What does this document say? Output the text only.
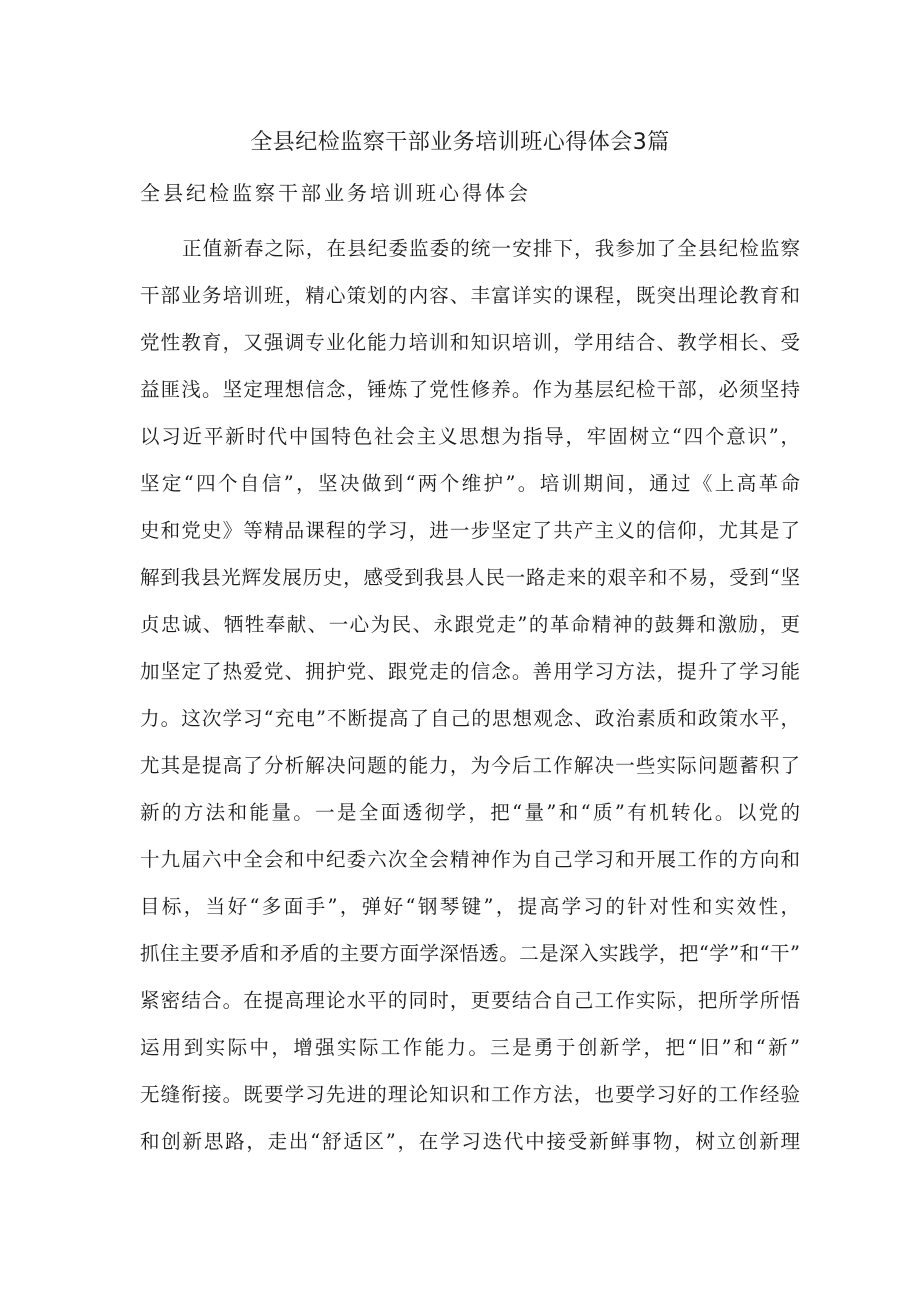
全县纪检监察干部业务培训班心得体会3篇
全县纪检监察干部业务培训班心得体会
正值新春之际，在县纪委监委的统一安排下，我参加了全县纪检监察
干部业务培训班，精心策划的内容、丰富详实的课程，既突出理论教育和
党性教育，又强调专业化能力培训和知识培训，学用结合、教学相长、受
益匪浅。坚定理想信念，锤炼了党性修养。作为基层纪检干部，必须坚持
以习近平新时代中国特色社会主义思想为指导，牢固树立“四个意识”，
坚定“四个自信”，坚决做到“两个维护”。培训期间，通过《上高革命
史和党史》等精品课程的学习，进一步坚定了共产主义的信仰，尤其是了
解到我县光辉发展历史，感受到我县人民一路走来的艰辛和不易，受到“坚
贞忠诚、牺牲奉献、一心为民、永跟党走”的革命精神的鼓舞和激励，更
加坚定了热爱党、拥护党、跟党走的信念。善用学习方法，提升了学习能
力。这次学习“充电”不断提高了自己的思想观念、政治素质和政策水平，
尤其是提高了分析解决问题的能力，为今后工作解决一些实际问题蓄积了
新的方法和能量。一是全面透彻学，把“量”和“质”有机转化。以党的
十九届六中全会和中纪委六次全会精神作为自己学习和开展工作的方向和
目标，当好“多面手”，弹好“钢琴键”，提高学习的针对性和实效性，
抓住主要矛盾和矛盾的主要方面学深悟透。二是深入实践学，把“学”和“干”
紧密结合。在提高理论水平的同时，更要结合自己工作实际，把所学所悟
运用到实际中，增强实际工作能力。三是勇于创新学，把“旧”和“新”
无缝衔接。既要学习先进的理论知识和工作方法，也要学习好的工作经验
和创新思路，走出“舒适区”，在学习迭代中接受新鲜事物，树立创新理
